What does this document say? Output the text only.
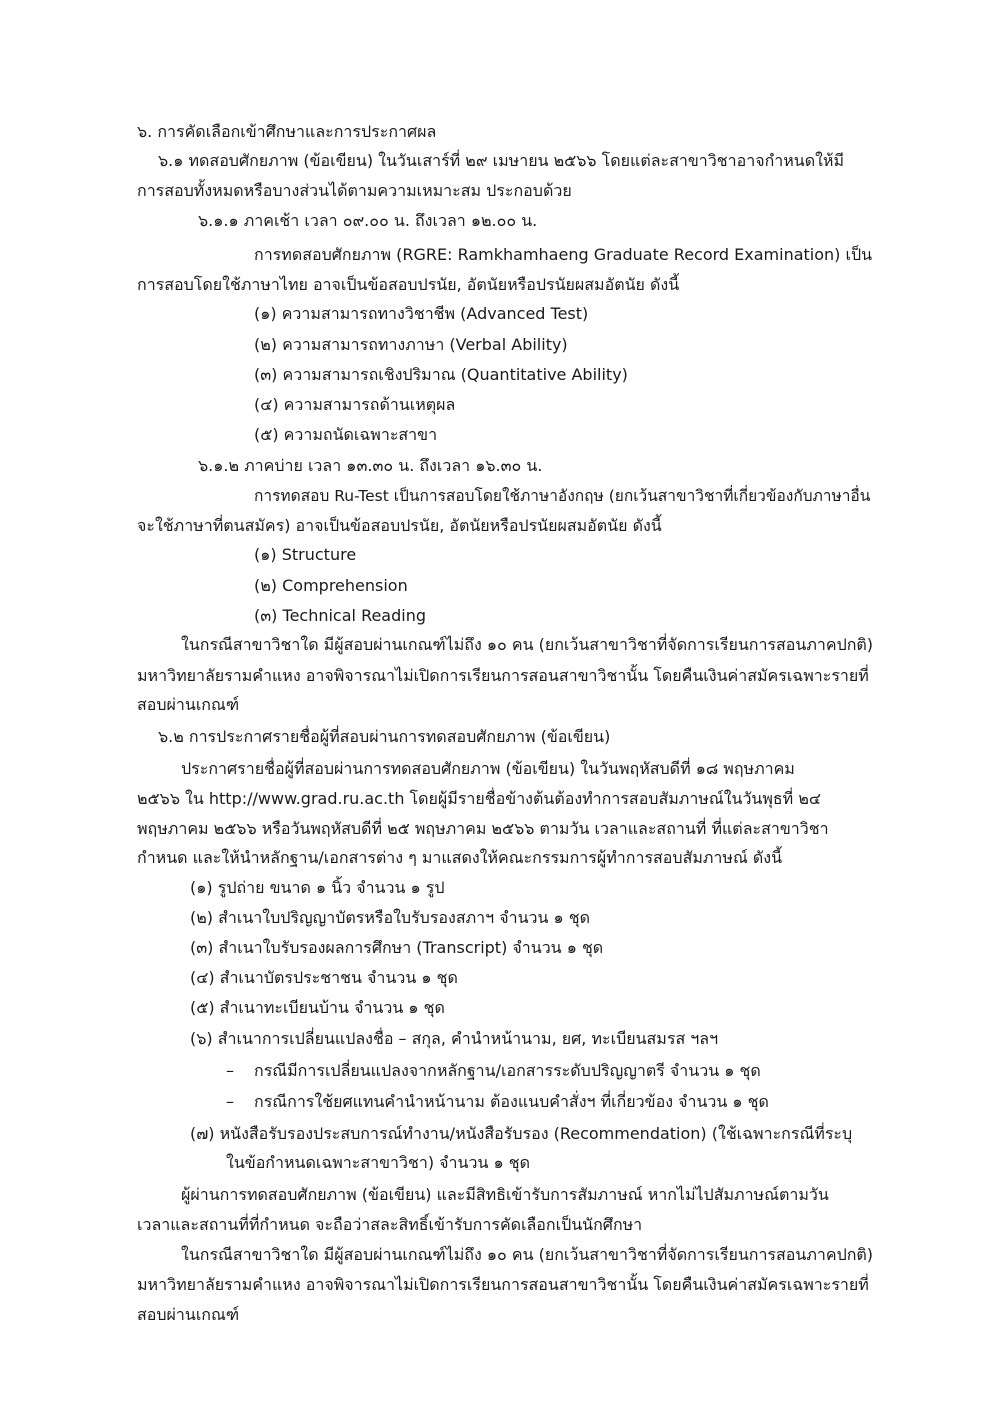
๖. การคัดเลือกเข้าศึกษาและการประกาศผล
๖.๑ ทดสอบศักยภาพ (ข้อเขียน) ในวันเสาร์ที่ ๒๙ เมษายน ๒๕๖๖ โดยแต่ละสาขาวิชาอาจกำหนดให้มี
การสอบทั้งหมดหรือบางส่วนได้ตามความเหมาะสม ประกอบด้วย
๖.๑.๑ ภาคเช้า เวลา ๐๙.๐๐ น. ถึงเวลา ๑๒.๐๐ น.
การทดสอบศักยภาพ (RGRE: Ramkhamhaeng Graduate Record Examination) เป็น
การสอบโดยใช้ภาษาไทย อาจเป็นข้อสอบปรนัย, อัตนัยหรือปรนัยผสมอัตนัย ดังนี้
(๑) ความสามารถทางวิชาชีพ (Advanced Test)
(๒) ความสามารถทางภาษา (Verbal Ability)
(๓) ความสามารถเชิงปริมาณ (Quantitative Ability)
(๔) ความสามารถด้านเหตุผล
(๕) ความถนัดเฉพาะสาขา
๖.๑.๒ ภาคบ่าย เวลา ๑๓.๓๐ น. ถึงเวลา ๑๖.๓๐ น.
การทดสอบ Ru-Test เป็นการสอบโดยใช้ภาษาอังกฤษ (ยกเว้นสาขาวิชาที่เกี่ยวข้องกับภาษาอื่น
จะใช้ภาษาที่ตนสมัคร) อาจเป็นข้อสอบปรนัย, อัตนัยหรือปรนัยผสมอัตนัย ดังนี้
(๑) Structure
(๒) Comprehension
(๓) Technical Reading
ในกรณีสาขาวิชาใด มีผู้สอบผ่านเกณฑ์ไม่ถึง ๑๐ คน (ยกเว้นสาขาวิชาที่จัดการเรียนการสอนภาคปกติ)
มหาวิทยาลัยรามคำแหง อาจพิจารณาไม่เปิดการเรียนการสอนสาขาวิชานั้น โดยคืนเงินค่าสมัครเฉพาะรายที่
สอบผ่านเกณฑ์
๖.๒ การประกาศรายชื่อผู้ที่สอบผ่านการทดสอบศักยภาพ (ข้อเขียน)
ประกาศรายชื่อผู้ที่สอบผ่านการทดสอบศักยภาพ (ข้อเขียน) ในวันพฤหัสบดีที่ ๑๘ พฤษภาคม
๒๕๖๖ ใน http://www.grad.ru.ac.th โดยผู้มีรายชื่อข้างต้นต้องทำการสอบสัมภาษณ์ในวันพุธที่ ๒๔
พฤษภาคม ๒๕๖๖ หรือวันพฤหัสบดีที่ ๒๕ พฤษภาคม ๒๕๖๖ ตามวัน เวลาและสถานที่ ที่แต่ละสาขาวิชา
กำหนด และให้นำหลักฐาน/เอกสารต่าง ๆ มาแสดงให้คณะกรรมการผู้ทำการสอบสัมภาษณ์ ดังนี้
(๑) รูปถ่าย ขนาด ๑ นิ้ว จำนวน ๑ รูป
(๒) สำเนาใบปริญญาบัตรหรือใบรับรองสภาฯ จำนวน ๑ ชุด
(๓) สำเนาใบรับรองผลการศึกษา (Transcript) จำนวน ๑ ชุด
(๔) สำเนาบัตรประชาชน จำนวน ๑ ชุด
(๕) สำเนาทะเบียนบ้าน จำนวน ๑ ชุด
(๖) สำเนาการเปลี่ยนแปลงชื่อ – สกุล, คำนำหน้านาม, ยศ, ทะเบียนสมรส ฯลฯ
– กรณีมีการเปลี่ยนแปลงจากหลักฐาน/เอกสารระดับปริญญาตรี จำนวน ๑ ชุด
– กรณีการใช้ยศแทนคำนำหน้านาม ต้องแนบคำสั่งฯ ที่เกี่ยวข้อง จำนวน ๑ ชุด
(๗) หนังสือรับรองประสบการณ์ทำงาน/หนังสือรับรอง (Recommendation) (ใช้เฉพาะกรณีที่ระบุ
ในข้อกำหนดเฉพาะสาขาวิชา) จำนวน ๑ ชุด
ผู้ผ่านการทดสอบศักยภาพ (ข้อเขียน) และมีสิทธิเข้ารับการสัมภาษณ์ หากไม่ไปสัมภาษณ์ตามวัน
เวลาและสถานที่ที่กำหนด จะถือว่าสละสิทธิ์เข้ารับการคัดเลือกเป็นนักศึกษา
ในกรณีสาขาวิชาใด มีผู้สอบผ่านเกณฑ์ไม่ถึง ๑๐ คน (ยกเว้นสาขาวิชาที่จัดการเรียนการสอนภาคปกติ)
มหาวิทยาลัยรามคำแหง อาจพิจารณาไม่เปิดการเรียนการสอนสาขาวิชานั้น โดยคืนเงินค่าสมัครเฉพาะรายที่
สอบผ่านเกณฑ์
